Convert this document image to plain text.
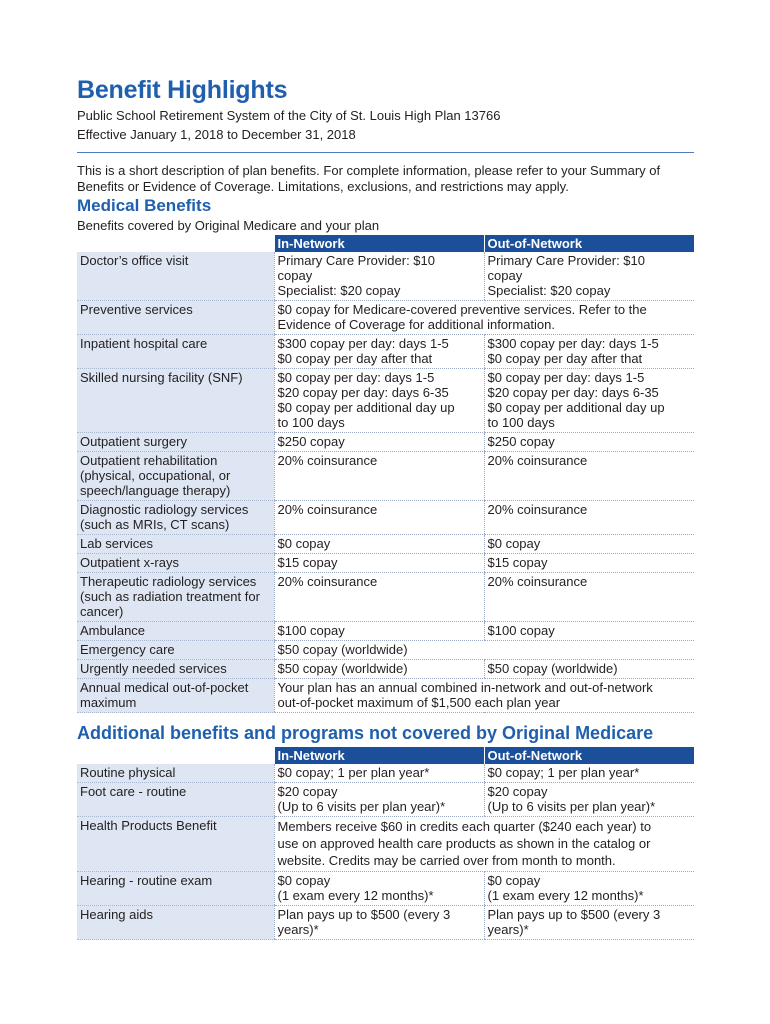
Benefit Highlights
Public School Retirement System of the City of St. Louis High Plan 13766
Effective January 1, 2018 to December 31, 2018

This is a short description of plan benefits. For complete information, please refer to your Summary of Benefits or Evidence of Coverage. Limitations, exclusions, and restrictions may apply.

Medical Benefits
Benefits covered by Original Medicare and your plan
	In-Network	Out-of-Network
Doctor’s office visit	Primary Care Provider: $10
copay
Specialist: $20 copay	Primary Care Provider: $10
copay
Specialist: $20 copay

Preventive services	$0 copay for Medicare-covered preventive services. Refer to the
Evidence of Coverage for additional information.	

Inpatient hospital care	$300 copay per day: days 1-5
$0 copay per day after that	$300 copay per day: days 1-5
$0 copay per day after that

Skilled nursing facility (SNF)	$0 copay per day: days 1-5
$20 copay per day: days 6-35
$0 copay per additional day up
to 100 days	$0 copay per day: days 1-5
$20 copay per day: days 6-35
$0 copay per additional day up
to 100 days

Outpatient surgery	$250 copay	$250 copay

Outpatient rehabilitation (physical, occupational, or speech/language therapy)	20% coinsurance	20% coinsurance

Diagnostic radiology services (such as MRIs, CT scans)	20% coinsurance	20% coinsurance

Lab services	$0 copay	$0 copay

Outpatient x-rays	$15 copay	$15 copay

Therapeutic radiology services (such as radiation treatment for cancer)	20% coinsurance	20% coinsurance

Ambulance	$100 copay	$100 copay

Emergency care	$50 copay (worldwide)	

Urgently needed services	$50 copay (worldwide)	$50 copay (worldwide)

Annual medical out-of-pocket maximum	Your plan has an annual combined in-network and out-of-network
out-of-pocket maximum of $1,500 each plan year	
Additional benefits and programs not covered by Original Medicare
	In-Network	Out-of-Network
Routine physical	$0 copay; 1 per plan year*	$0 copay; 1 per plan year*

Foot care - routine	$20 copay
(Up to 6 visits per plan year)*	$20 copay
(Up to 6 visits per plan year)*

Health Products Benefit	Members receive $60 in credits each quarter ($240 each year) to
use on approved health care products as shown in the catalog or
website. Credits may be carried over from month to month.	

Hearing - routine exam	$0 copay
(1 exam every 12 months)*	$0 copay
(1 exam every 12 months)*

Hearing aids	Plan pays up to $500 (every 3
years)*	Plan pays up to $500 (every 3
years)*
